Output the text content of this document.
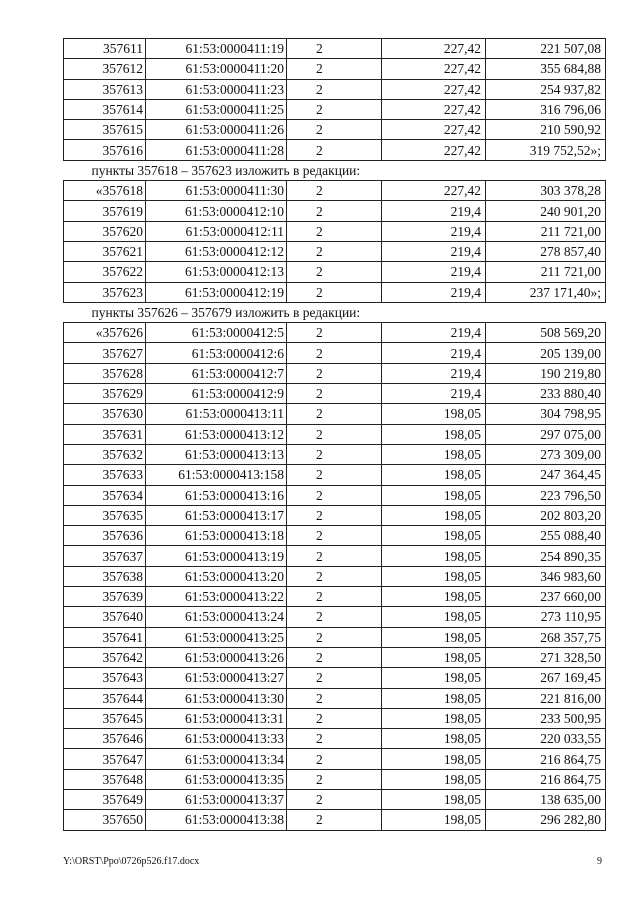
357611	61:53:0000411:19	2	227,42	221 507,08
357612	61:53:0000411:20	2	227,42	355 684,88
357613	61:53:0000411:23	2	227,42	254 937,82
357614	61:53:0000411:25	2	227,42	316 796,06
357615	61:53:0000411:26	2	227,42	210 590,92
357616	61:53:0000411:28	2	227,42	319 752,52»;
пункты 357618 – 357623 изложить в редакции:				
«357618	61:53:0000411:30	2	227,42	303 378,28
357619	61:53:0000412:10	2	219,4	240 901,20
357620	61:53:0000412:11	2	219,4	211 721,00
357621	61:53:0000412:12	2	219,4	278 857,40
357622	61:53:0000412:13	2	219,4	211 721,00
357623	61:53:0000412:19	2	219,4	237 171,40»;
пункты 357626 – 357679 изложить в редакции:				
«357626	61:53:0000412:5	2	219,4	508 569,20
357627	61:53:0000412:6	2	219,4	205 139,00
357628	61:53:0000412:7	2	219,4	190 219,80
357629	61:53:0000412:9	2	219,4	233 880,40
357630	61:53:0000413:11	2	198,05	304 798,95
357631	61:53:0000413:12	2	198,05	297 075,00
357632	61:53:0000413:13	2	198,05	273 309,00
357633	61:53:0000413:158	2	198,05	247 364,45
357634	61:53:0000413:16	2	198,05	223 796,50
357635	61:53:0000413:17	2	198,05	202 803,20
357636	61:53:0000413:18	2	198,05	255 088,40
357637	61:53:0000413:19	2	198,05	254 890,35
357638	61:53:0000413:20	2	198,05	346 983,60
357639	61:53:0000413:22	2	198,05	237 660,00
357640	61:53:0000413:24	2	198,05	273 110,95
357641	61:53:0000413:25	2	198,05	268 357,75
357642	61:53:0000413:26	2	198,05	271 328,50
357643	61:53:0000413:27	2	198,05	267 169,45
357644	61:53:0000413:30	2	198,05	221 816,00
357645	61:53:0000413:31	2	198,05	233 500,95
357646	61:53:0000413:33	2	198,05	220 033,55
357647	61:53:0000413:34	2	198,05	216 864,75
357648	61:53:0000413:35	2	198,05	216 864,75
357649	61:53:0000413:37	2	198,05	138 635,00
357650	61:53:0000413:38	2	198,05	296 282,80
Y:\ORST\Ppo\0726p526.f17.docx	9
